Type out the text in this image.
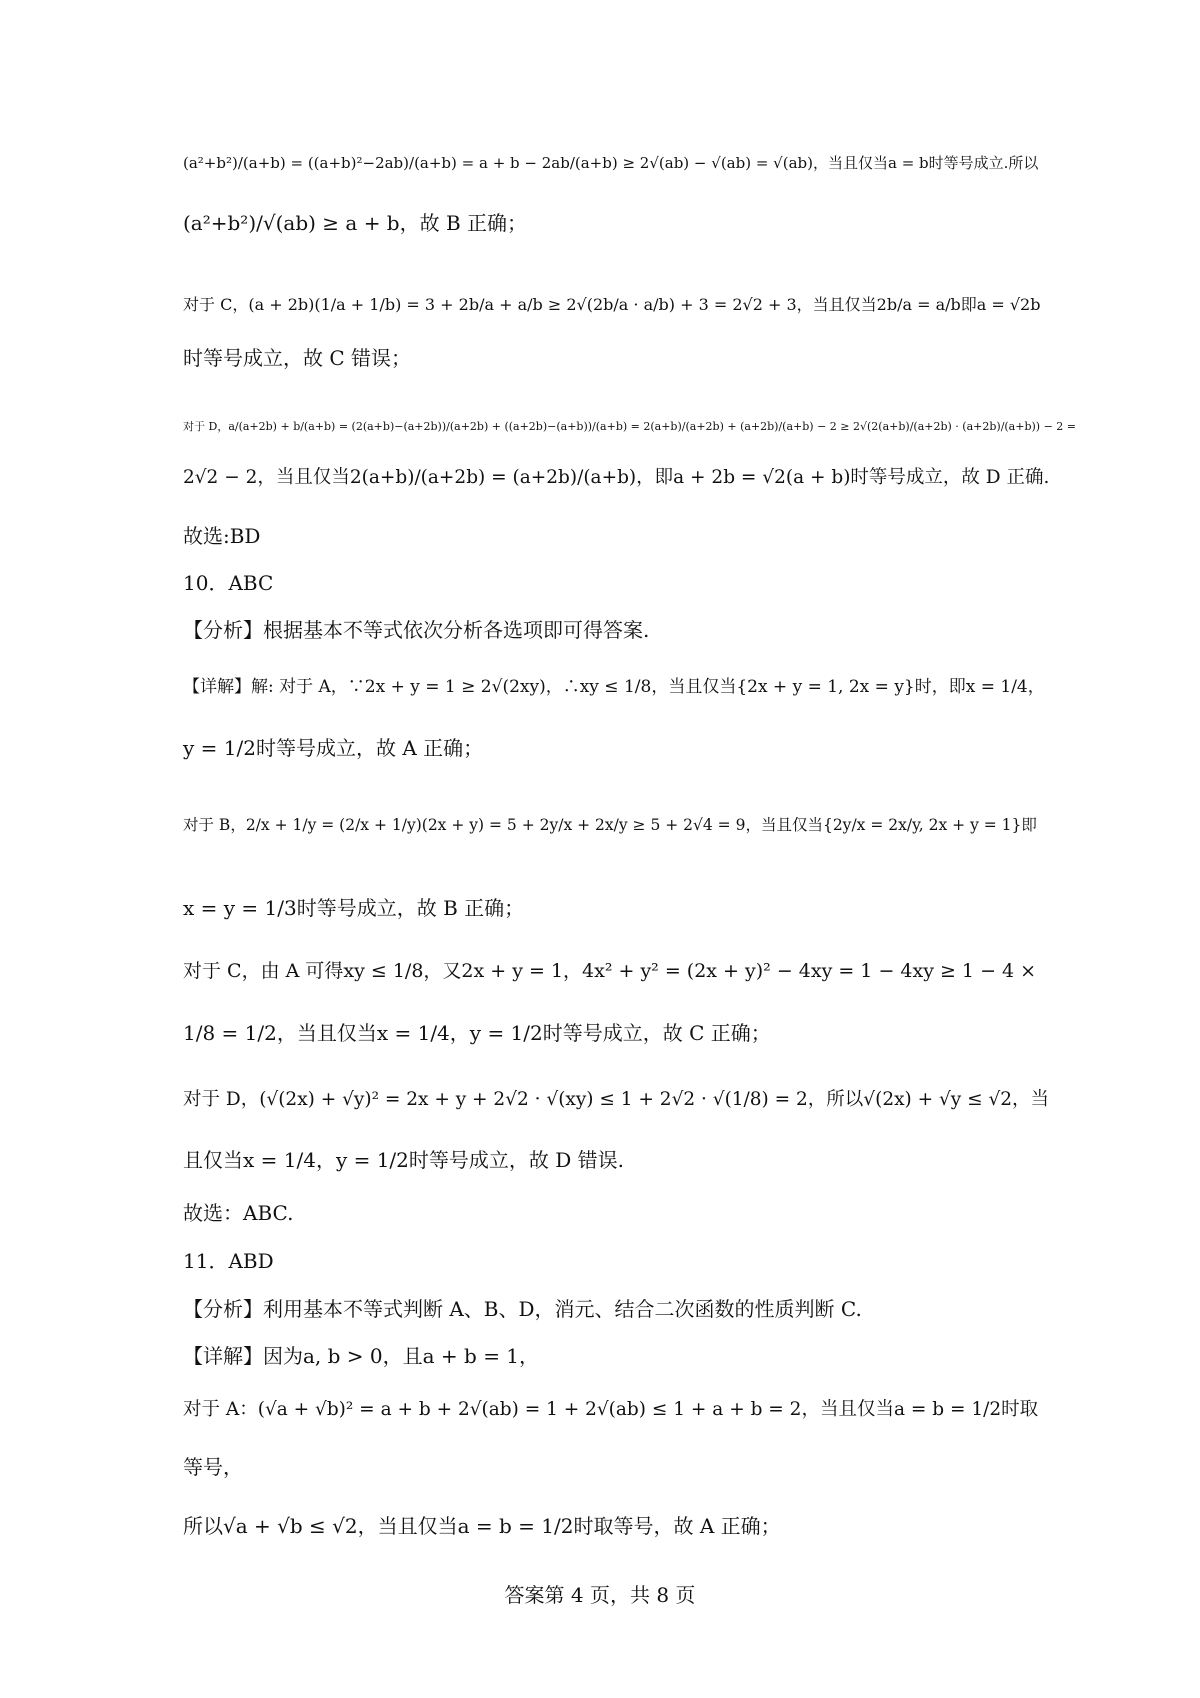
(a²+b²)/(a+b) = ((a+b)²−2ab)/(a+b) = a + b − 2ab/(a+b) ≥ 2√(ab) − √(ab) = √(ab)，当且仅当a = b时等号成立.所以
(a²+b²)/√(ab) ≥ a + b，故 B 正确；
对于 C，(a + 2b)(1/a + 1/b) = 3 + 2b/a + a/b ≥ 2√(2b/a · a/b) + 3 = 2√2 + 3，当且仅当2b/a = a/b即a = √2b
时等号成立，故 C 错误；
对于 D，a/(a+2b) + b/(a+b) = (2(a+b)−(a+2b))/(a+2b) + ((a+2b)−(a+b))/(a+b) = 2(a+b)/(a+2b) + (a+2b)/(a+b) − 2 ≥ 2√(2(a+b)/(a+2b) · (a+2b)/(a+b)) − 2 =
2√2 − 2，当且仅当2(a+b)/(a+2b) = (a+2b)/(a+b)，即a + 2b = √2(a + b)时等号成立，故 D 正确.
故选:BD
10．ABC
【分析】根据基本不等式依次分析各选项即可得答案.
【详解】解: 对于 A，∵2x + y = 1 ≥ 2√(2xy)，∴xy ≤ 1/8，当且仅当{2x + y = 1, 2x = y}时，即x = 1/4，
y = 1/2时等号成立，故 A 正确；
对于 B，2/x + 1/y = (2/x + 1/y)(2x + y) = 5 + 2y/x + 2x/y ≥ 5 + 2√4 = 9，当且仅当{2y/x = 2x/y, 2x + y = 1}即
x = y = 1/3时等号成立，故 B 正确；
对于 C，由 A 可得xy ≤ 1/8，又2x + y = 1，4x² + y² = (2x + y)² − 4xy = 1 − 4xy ≥ 1 − 4 ×
1/8 = 1/2，当且仅当x = 1/4，y = 1/2时等号成立，故 C 正确；
对于 D，(√(2x) + √y)² = 2x + y + 2√2 · √(xy) ≤ 1 + 2√2 · √(1/8) = 2，所以√(2x) + √y ≤ √2，当
且仅当x = 1/4，y = 1/2时等号成立，故 D 错误.
故选：ABC.
11．ABD
【分析】利用基本不等式判断 A、B、D，消元、结合二次函数的性质判断 C.
【详解】因为a, b > 0，且a + b = 1，
对于 A：(√a + √b)² = a + b + 2√(ab) = 1 + 2√(ab) ≤ 1 + a + b = 2，当且仅当a = b = 1/2时取
等号，
所以√a + √b ≤ √2，当且仅当a = b = 1/2时取等号，故 A 正确；
答案第 4 页，共 8 页
